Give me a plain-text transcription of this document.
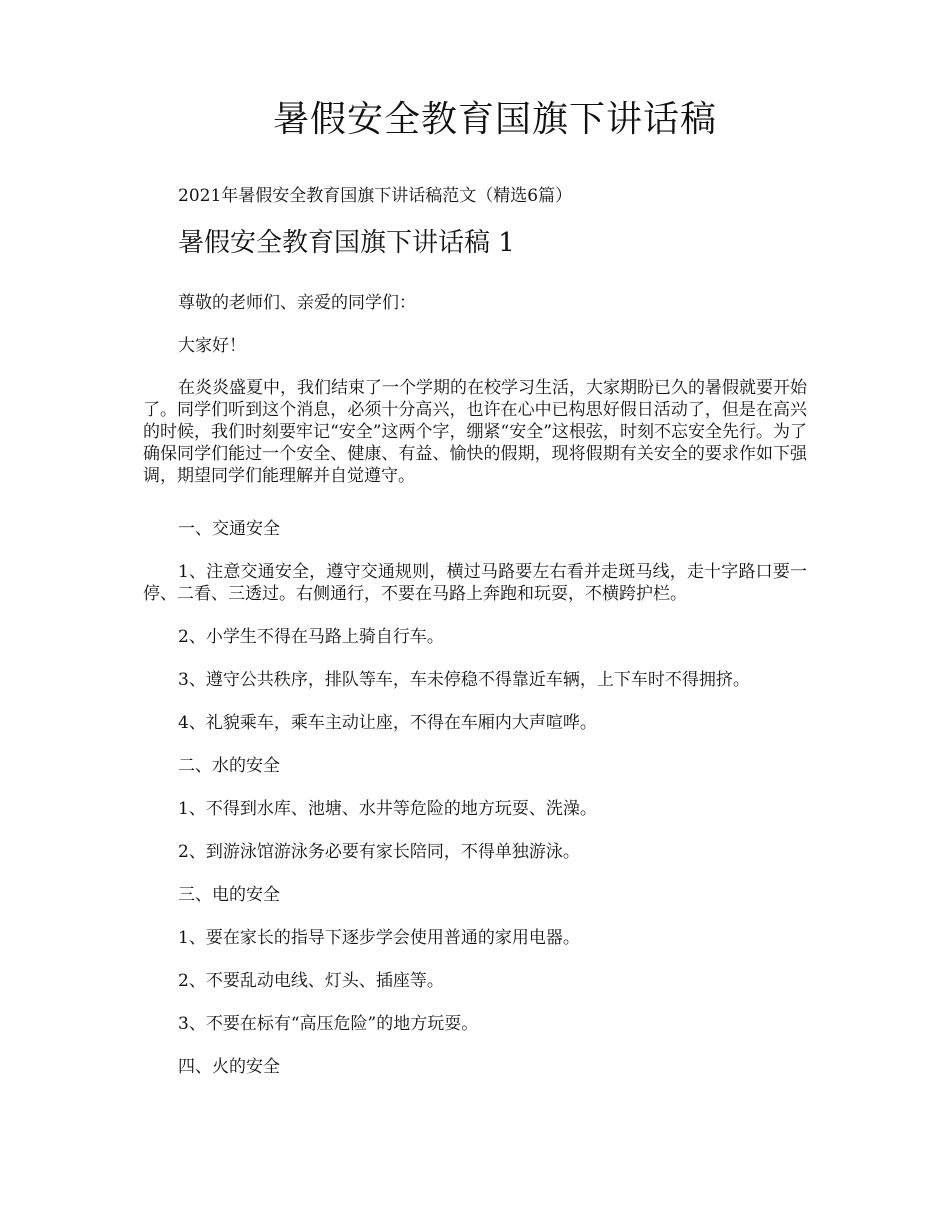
暑假安全教育国旗下讲话稿

2021年暑假安全教育国旗下讲话稿范文（精选6篇）

暑假安全教育国旗下讲话稿 1

尊敬的老师们、亲爱的同学们：

大家好！

在炎炎盛夏中，我们结束了一个学期的在校学习生活，大家期盼已久的暑假就要开始了。同学们听到这个消息，必须十分高兴，也许在心中已构思好假日活动了，但是在高兴的时候，我们时刻要牢记“安全”这两个字，绷紧“安全”这根弦，时刻不忘安全先行。为了确保同学们能过一个安全、健康、有益、愉快的假期，现将假期有关安全的要求作如下强调，期望同学们能理解并自觉遵守。

一、交通安全

1、注意交通安全，遵守交通规则，横过马路要左右看并走斑马线，走十字路口要一停、二看、三透过。右侧通行，不要在马路上奔跑和玩耍，不横跨护栏。

2、小学生不得在马路上骑自行车。

3、遵守公共秩序，排队等车，车未停稳不得靠近车辆，上下车时不得拥挤。

4、礼貌乘车，乘车主动让座，不得在车厢内大声喧哗。

二、水的安全

1、不得到水库、池塘、水井等危险的地方玩耍、洗澡。

2、到游泳馆游泳务必要有家长陪同，不得单独游泳。

三、电的安全

1、要在家长的指导下逐步学会使用普通的家用电器。

2、不要乱动电线、灯头、插座等。

3、不要在标有“高压危险”的地方玩耍。

四、火的安全
